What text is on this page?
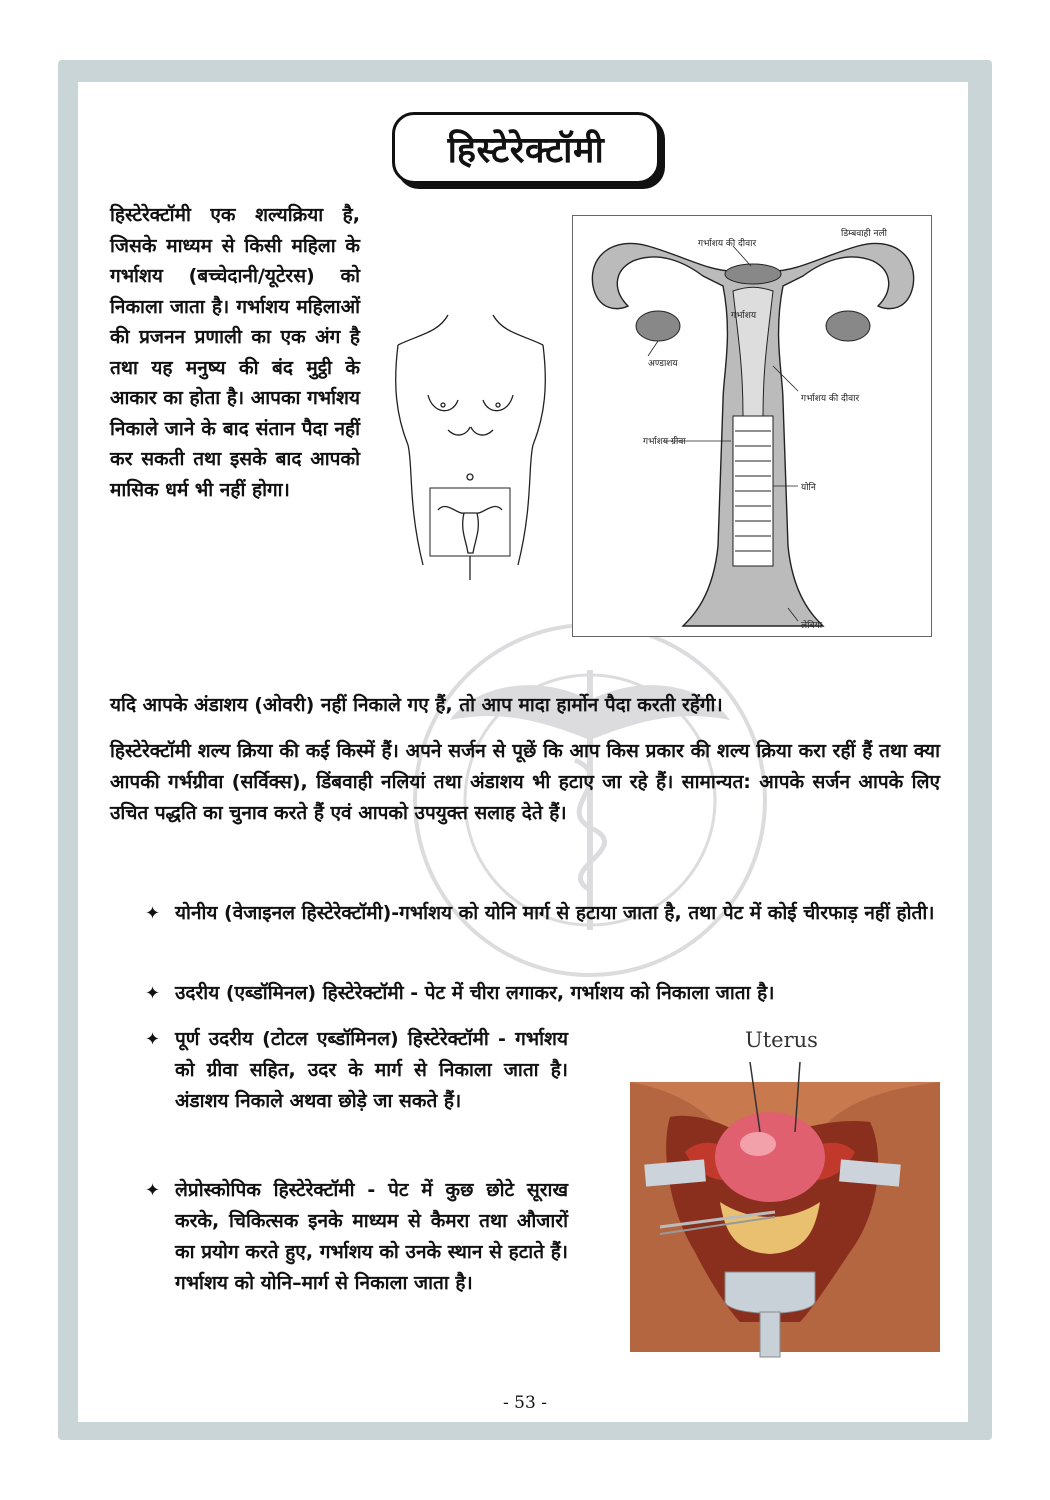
हिस्टेरेक्टॉमी
हिस्टेरेक्टॉमी एक शल्यक्रिया है, जिसके माध्यम से किसी महिला के गर्भाशय (बच्चेदानी/यूटेरस) को निकाला जाता है। गर्भाशय महिलाओं की प्रजनन प्रणाली का एक अंग है तथा यह मनुष्य की बंद मुट्ठी के आकार का होता है। आपका गर्भाशय निकाले जाने के बाद संतान पैदा नहीं कर सकती तथा इसके बाद आपको मासिक धर्म भी नहीं होगा।
गर्भाशय की दीवार
डिम्बवाही नली
गर्भाशय
अण्डाशय
गर्भाशय की दीवार
गर्भाशय ग्रीवा
योनि
लेबिया
यदि आपके अंडाशय (ओवरी) नहीं निकाले गए हैं, तो आप मादा हार्मोन पैदा करती रहेंगी।
हिस्टेरेक्टॉमी शल्य क्रिया की कई किस्में हैं। अपने सर्जन से पूछें कि आप किस प्रकार की शल्य क्रिया करा रहीं हैं तथा क्या आपकी गर्भग्रीवा (सर्विक्स), डिंबवाही नलियां तथा अंडाशय भी हटाए जा रहे हैं। सामान्यत: आपके सर्जन आपके लिए उचित पद्धति का चुनाव करते हैं एवं आपको उपयुक्त सलाह देते हैं।
✦ योनीय (वेजाइनल हिस्टेरेक्टॉमी)-गर्भाशय को योनि मार्ग से हटाया जाता है, तथा पेट में कोई चीरफाड़ नहीं होती।
✦ उदरीय (एब्डॉमिनल) हिस्टेरेक्टॉमी - पेट में चीरा लगाकर, गर्भाशय को निकाला जाता है।
✦ पूर्ण उदरीय (टोटल एब्डॉमिनल) हिस्टेरेक्टॉमी - गर्भाशय को ग्रीवा सहित, उदर के मार्ग से निकाला जाता है। अंडाशय निकाले अथवा छोड़े जा सकते हैं।
✦ लेप्रोस्कोपिक हिस्टेरेक्टॉमी - पेट में कुछ छोटे सूराख करके, चिकित्सक इनके माध्यम से कैमरा तथा औजारों का प्रयोग करते हुए, गर्भाशय को उनके स्थान से हटाते हैं। गर्भाशय को योनि–मार्ग से निकाला जाता है।
Uterus
- 53 -
